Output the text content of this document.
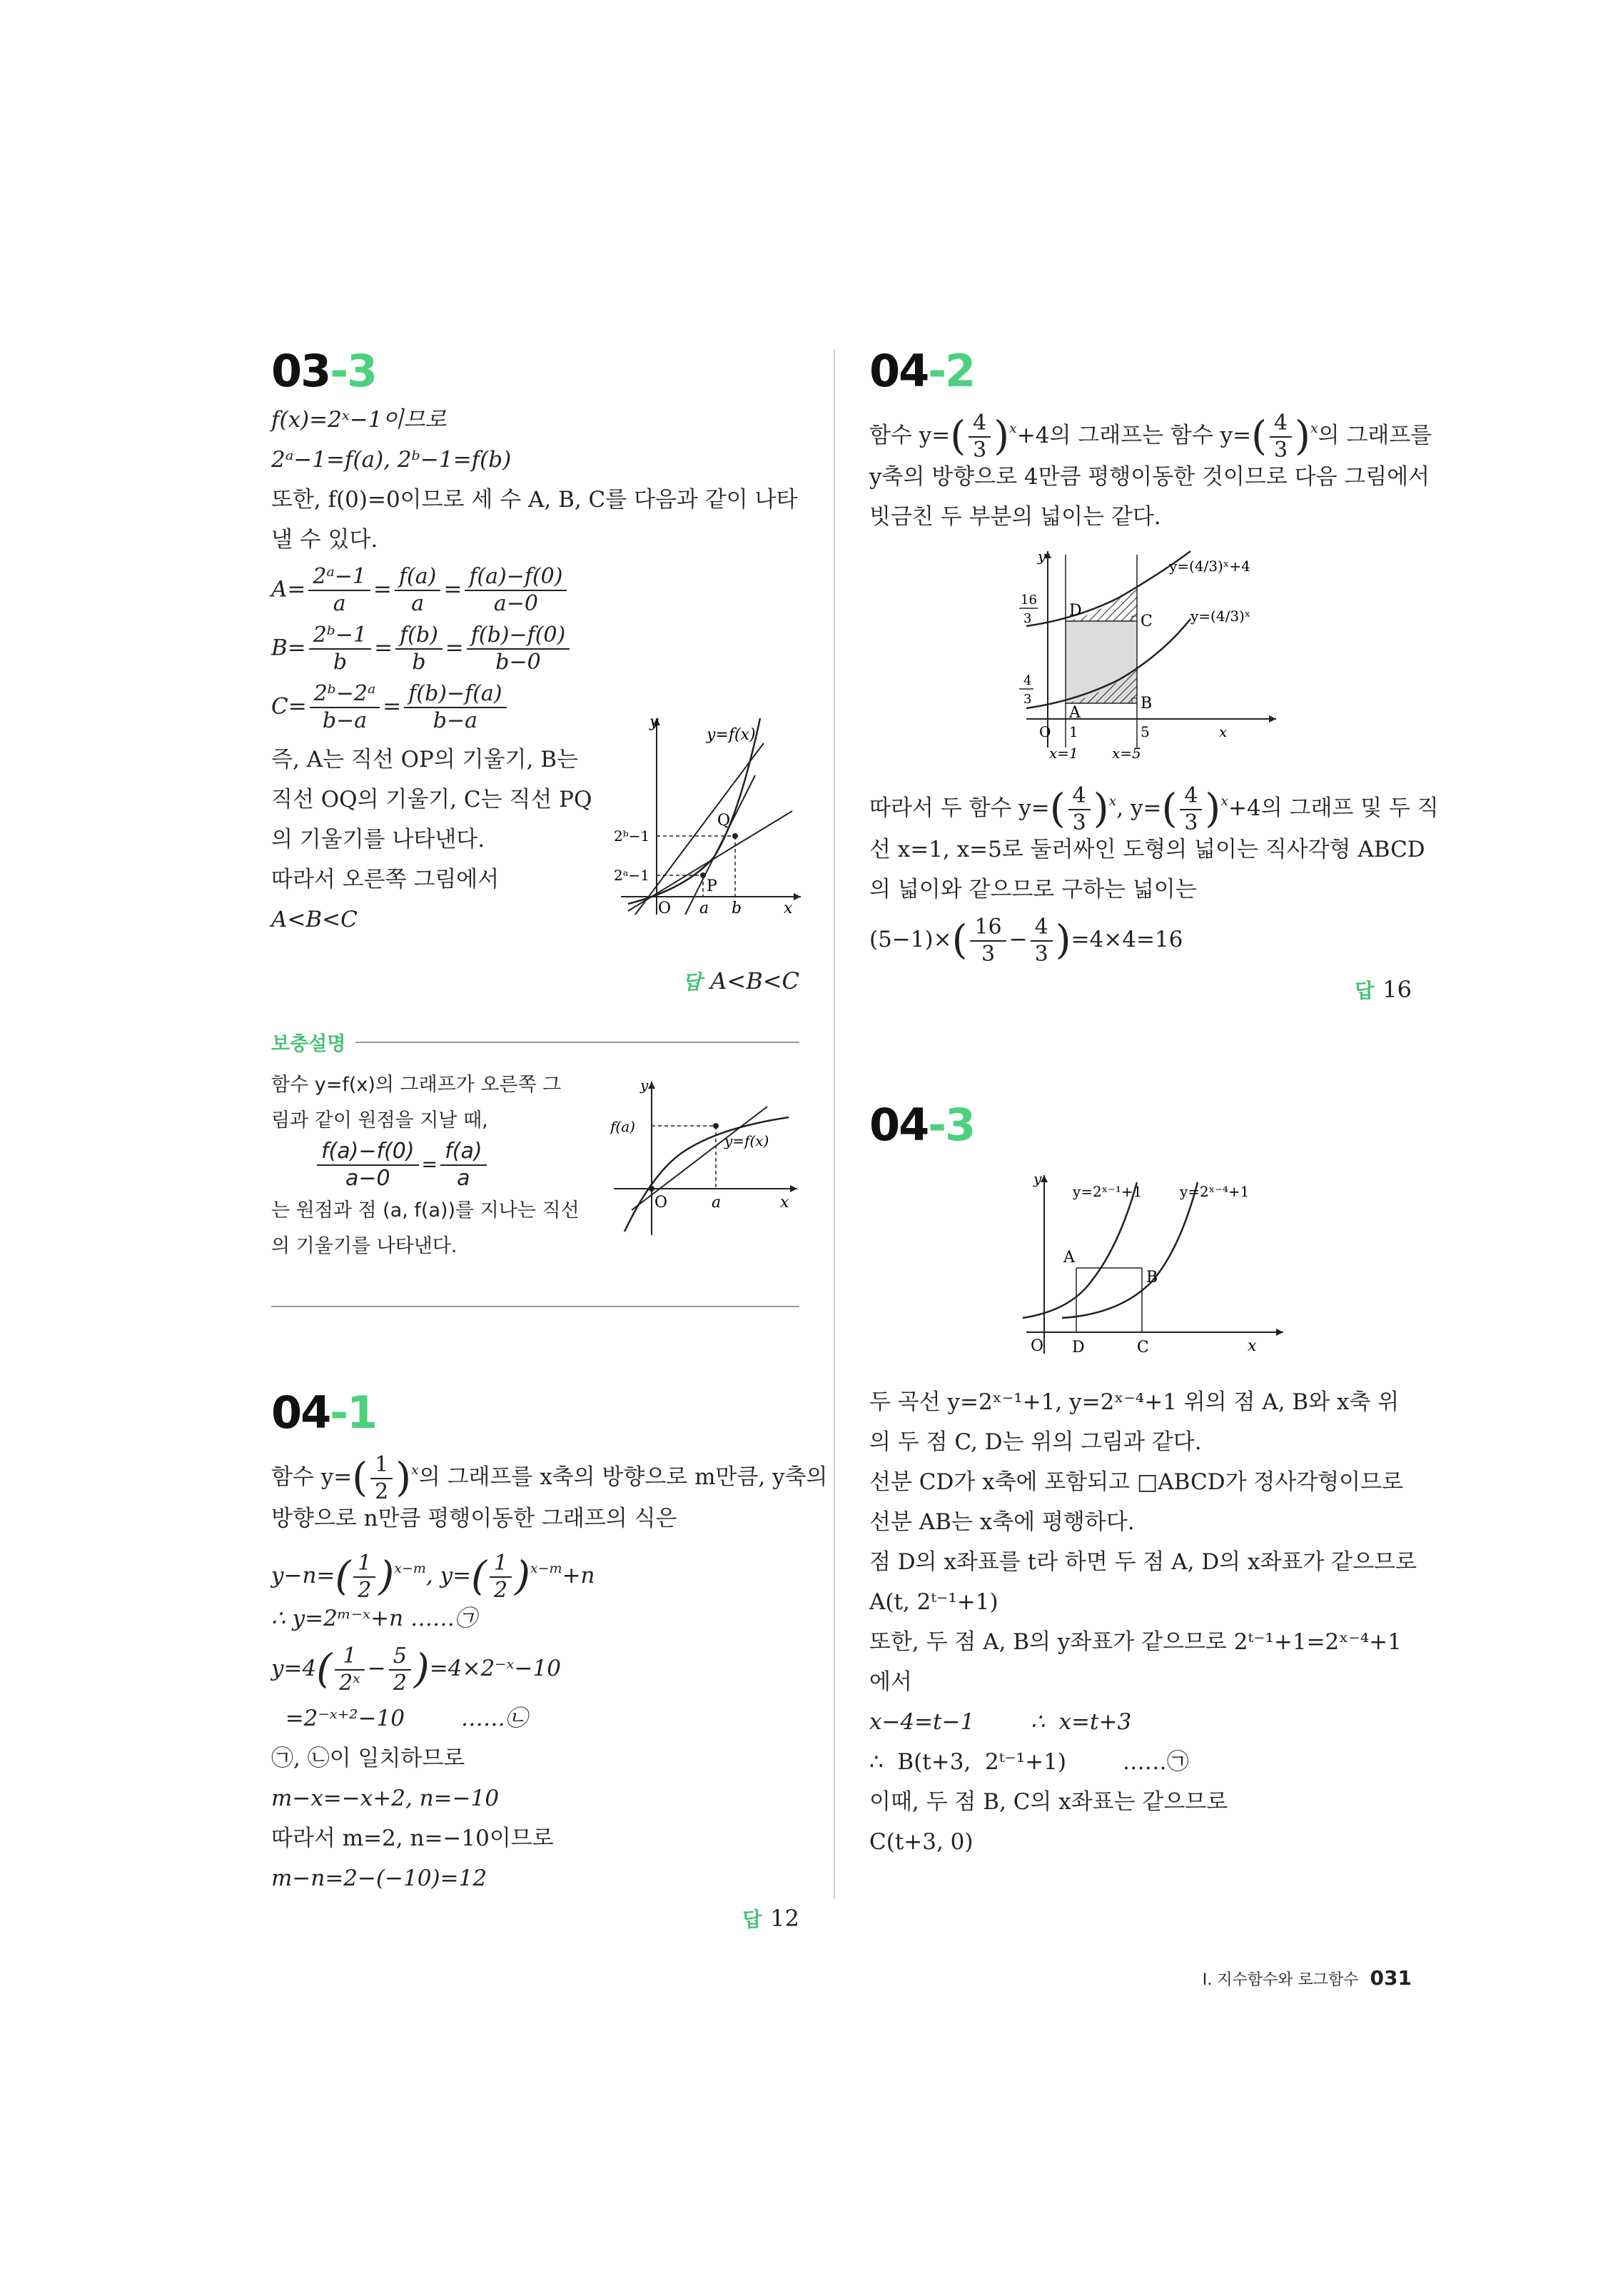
03-3
f(x)=2ˣ−1이므로
2ᵃ−1=f(a), 2ᵇ−1=f(b)
또한, f(0)=0이므로 세 수 A, B, C를 다음과 같이 나타
낼 수 있다.
$A= \frac{\text{2ᵃ−1}}{a} = \frac{f(a)}{a} = \frac{f(a)-f(0)}{a-0}$
$B= \frac{\text{2ᵇ−1}}{b} = \frac{f(b)}{b} = \frac{f(b)-f(0)}{b-0}$
$C= \frac{\text{2ᵇ−2ᵃ}}{b-a} = \frac{f(b)-f(a)}{b-a}$
즉, A는 직선 OP의 기울기, B는
직선 OQ의 기울기, C는 직선 PQ
의 기울기를 나타낸다.
따라서 오른쪽 그림에서
A<B<C
y
y=f(x)
Q
P
2ᵇ−1
2ᵃ−1
O a b	x
답 A<B<C
보충설명
함수 y=f(x)의 그래프가 오른쪽 그
림과 같이 원점을 지날 때,
$\frac{f(a)-f(0)}{a-0} = \frac{f(a)}{a}$
는 원점과 점 (a, f(a))를 지나는 직선
의 기울기를 나타낸다.
y
f(a)
y=f(x)
O	a	x
04-1
함수 $y=( \frac{1}{2} )^x$의 그래프를 x축의 방향으로 m만큼, y축의
방향으로 n만큼 평행이동한 그래프의 식은
$y-n=( \frac{1}{2} )^{x-m}$, $y=( \frac{1}{2} )^{x-m}+n$
∴ y=2ᵐ⁻ˣ+n ……㉠
$y=4( \frac{1}{\text{2ˣ}} - \frac{5}{2}$ )=4×2⁻ˣ−10
=2⁻ˣ⁺²−10        ……㉡
㉠, ㉡이 일치하므로
m−x=−x+2, n=−10
따라서 m=2, n=−10이므로
m−n=2−(−10)=12
답 12
04-2
함수 $y=( \frac{4}{3} )^x+4$의 그래프는 함수 $y=( \frac{4}{3} )^x$의 그래프를
y축의 방향으로 4만큼 평행이동한 것이므로 다음 그림에서
빗금친 두 부분의 넓이는 같다.
y
y=(4/3)ˣ+4
y=(4/3)ˣ
D
C
A
B
16
3
4
3
O 1	5	x
x=1 x=5
따라서 두 함수 $y=( \frac{4}{3} )^x$, $y=( \frac{4}{3} )^x+4$의 그래프 및 두 직
선 x=1, x=5로 둘러싸인 도형의 넓이는 직사각형 ABCD
의 넓이와 같으므로 구하는 넓이는
$(5-1)\times( \frac{16}{3} - \frac{4}{3} )=4\times 4=16$
답 16
04-3
y
y=2ˣ⁻¹+1	y=2ˣ⁻⁴+1
A
B
O D	C	x
두 곡선 y=2ˣ⁻¹+1, y=2ˣ⁻⁴+1 위의 점 A, B와 x축 위
의 두 점 C, D는 위의 그림과 같다.
선분 CD가 x축에 포함되고 □ABCD가 정사각형이므로
선분 AB는 x축에 평행하다.
점 D의 x좌표를 t라 하면 두 점 A, D의 x좌표가 같으므로
A(t, 2ᵗ⁻¹+1)
또한, 두 점 A, B의 y좌표가 같으므로 2ᵗ⁻¹+1=2ˣ⁻⁴+1
에서
x−4=t−1        ∴  x=t+3
∴  B(t+3,  2ᵗ⁻¹+1)        ……㉠
이때, 두 점 B, C의 x좌표는 같으므로
C(t+3, 0)
Ⅰ. 지수함수와 로그함수 031
